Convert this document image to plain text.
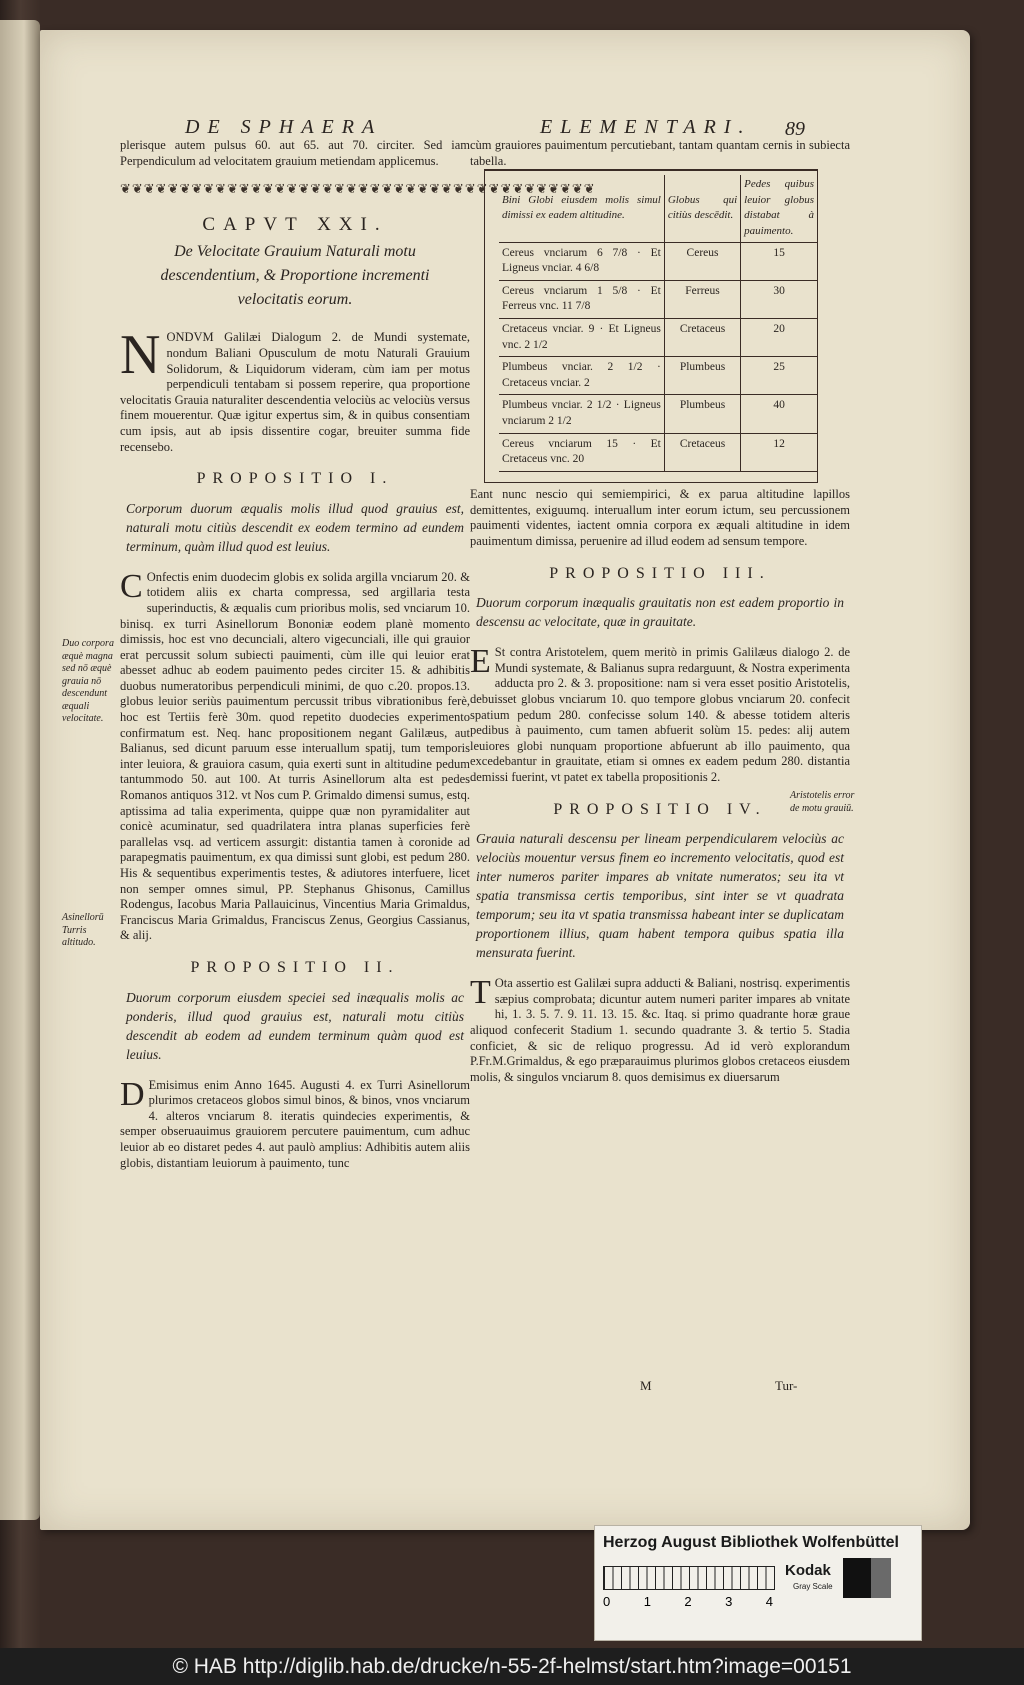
DE SPHAERA	ELEMENTARI. 89
Duo corpora æquè magna sed nō æquè grauia nō descendunt æquali velocitate.
Asinellorū Turris altitudo.
Aristotelis error de motu grauiū.

plerisque autem pulsus 60. aut 65. aut 70. circiter. Sed iam Perpendiculum ad velocitatem grauium metiendam applicemus.

❦❦❦❦❦❦❦❦❦❦❦❦❦❦❦❦❦❦❦❦❦❦❦❦❦❦❦❦❦❦❦❦❦❦❦❦❦❦❦❦
CAPVT XXI.
De Velocitate Grauium Naturali motu descendentium, & Proportione incrementi velocitatis eorum.

NONDVM Galilæi Dialogum 2. de Mundi systemate, nondum Baliani Opusculum de motu Naturali Grauium Solidorum, & Liquidorum videram, cùm iam per motus perpendiculi tentabam si possem reperire, qua proportione velocitatis Grauia naturaliter descendentia velociùs ac velociùs versus finem mouerentur. Quæ igitur expertus sim, & in quibus consentiam cum ipsis, aut ab ipsis dissentire cogar, breuiter summa fide recensebo.

PROPOSITIO I.
Corporum duorum æqualis molis illud quod grauius est, naturali motu citiùs descendit ex eodem termino ad eundem terminum, quàm illud quod est leuius.

C Onfectis enim duodecim globis ex solida argilla vnciarum 20. & totidem aliis ex charta compressa, sed argillaria testa superinductis, & æqualis cum prioribus molis, sed vnciarum 10. binisq. ex turri Asinellorum Bononiæ eodem planè momento dimissis, hoc est vno decunciali, altero vigecunciali, ille qui grauior erat percussit solum subiecti pauimenti, cùm ille qui leuior erat abesset adhuc ab eodem pauimento pedes circiter 15. & adhibitis duobus numeratoribus perpendiculi minimi, de quo c.20. propos.13. globus leuior seriùs pauimentum percussit tribus vibrationibus ferè, hoc est Tertiis ferè 30m. quod repetito duodecies experimento confirmatum est. Neq. hanc propositionem negant Galilæus, aut Balianus, sed dicunt paruum esse interuallum spatij, tum temporis inter leuiora, & grauiora casum, quia exerti sunt in altitudine pedum tantummodo 50. aut 100. At turris Asinellorum alta est pedes Romanos antiquos 312. vt Nos cum P. Grimaldo dimensi sumus, estq. aptissima ad talia experimenta, quippe quæ non pyramidaliter aut conicè acuminatur, sed quadrilatera intra planas superficies ferè parallelas vsq. ad verticem assurgit: distantia tamen à coronide ad parapegmatis pauimentum, ex qua dimissi sunt globi, est pedum 280. His & sequentibus experimentis testes, & adiutores interfuere, licet non semper omnes simul, PP. Stephanus Ghisonus, Camillus Rodengus, Iacobus Maria Pallauicinus, Vincentius Maria Grimaldus, Franciscus Maria Grimaldus, Franciscus Zenus, Georgius Cassianus, & alij.

PROPOSITIO II.
Duorum corporum eiusdem speciei sed inæqualis molis ac ponderis, illud quod grauius est, naturali motu citiùs descendit ab eodem ad eundem terminum quàm quod est leuius.

D Emisimus enim Anno 1645. Augusti 4. ex Turri Asinellorum plurimos cretaceos globos simul binos, & binos, vnos vnciarum 4. alteros vnciarum 8. iteratis quindecies experimentis, & semper obseruauimus grauiorem percutere pauimentum, cum adhuc leuior ab eo distaret pedes 4. aut paulò amplius: Adhibitis autem aliis globis, distantiam leuiorum à pauimento, tunc

cùm grauiores pauimentum percutiebant, tantam quantam cernis in subiecta tabella.

Bini Globi eiusdem molis simul dimissi ex eadem altitudine.	Globus qui citiùs descēdit.	Pedes quibus leuior globus distabat à pauimento.
Cereus vnciarum 6 7/8 · Et Ligneus vnciar. 4 6/8	Cereus	15
Cereus vnciarum 1 5/8 · Et Ferreus vnc. 11 7/8	Ferreus	30
Cretaceus vnciar. 9 · Et Ligneus vnc. 2 1/2	Cretaceus	20
Plumbeus vnciar. 2 1/2 · Cretaceus vnciar. 2	Plumbeus	25
Plumbeus vnciar. 2 1/2 · Ligneus vnciarum 2 1/2	Plumbeus	40
Cereus vnciarum 15 · Et Cretaceus vnc. 20	Cretaceus	12

Eant nunc nescio qui semiempirici, & ex parua altitudine lapillos demittentes, exiguumq. interuallum inter eorum ictum, seu percussionem pauimenti videntes, iactent omnia corpora ex æquali altitudine in idem pauimentum dimissa, peruenire ad illud eodem ad sensum tempore.

PROPOSITIO III.
Duorum corporum inæqualis grauitatis non est eadem proportio in descensu ac velocitate, quæ in grauitate.

E St contra Aristotelem, quem meritò in primis Galilæus dialogo 2. de Mundi systemate, & Balianus supra redarguunt, & Nostra experimenta adducta pro 2. & 3. propositione: nam si vera esset positio Aristotelis, debuisset globus vnciarum 10. quo tempore globus vnciarum 20. confecit spatium pedum 280. confecisse solum 140. & abesse totidem alteris pedibus à pauimento, cum tamen abfuerit solùm 15. pedes: alij autem leuiores globi nunquam proportione abfuerunt ab illo pauimento, qua excedebantur in grauitate, etiam si omnes ex eadem pedum 280. distantia demissi fuerint, vt patet ex tabella propositionis 2.

PROPOSITIO IV.
Grauia naturali descensu per lineam perpendicularem velociùs ac velociùs mouentur versus finem eo incremento velocitatis, quod est inter numeros pariter impares ab vnitate numeratos; seu ita vt spatia transmissa certis temporibus, sint inter se vt quadrata temporum; seu ita vt spatia transmissa habeant inter se duplicatam proportionem illius, quam habent tempora quibus spatia illa mensurata fuerint.

T Ota assertio est Galilæi supra adducti & Baliani, nostrisq. experimentis sæpius comprobata; dicuntur autem numeri pariter impares ab vnitate hi, 1. 3. 5. 7. 9. 11. 13. 15. &c. Itaq. si primo quadrante horæ graue aliquod confecerit Stadium 1. secundo quadrante 3. & tertio 5. Stadia conficiet, & sic de reliquo progressu. Ad id verò explorandum P.Fr.M.Grimaldus, & ego præparauimus plurimos globos cretaceos eiusdem molis, & singulos vnciarum 8. quos demisimus ex diuersarum

M	Tur-
Herzog August Bibliothek Wolfenbüttel
0	1	2	3	4
Kodak
Gray Scale
© HAB http://diglib.hab.de/drucke/n-55-2f-helmst/start.htm?image=00151
